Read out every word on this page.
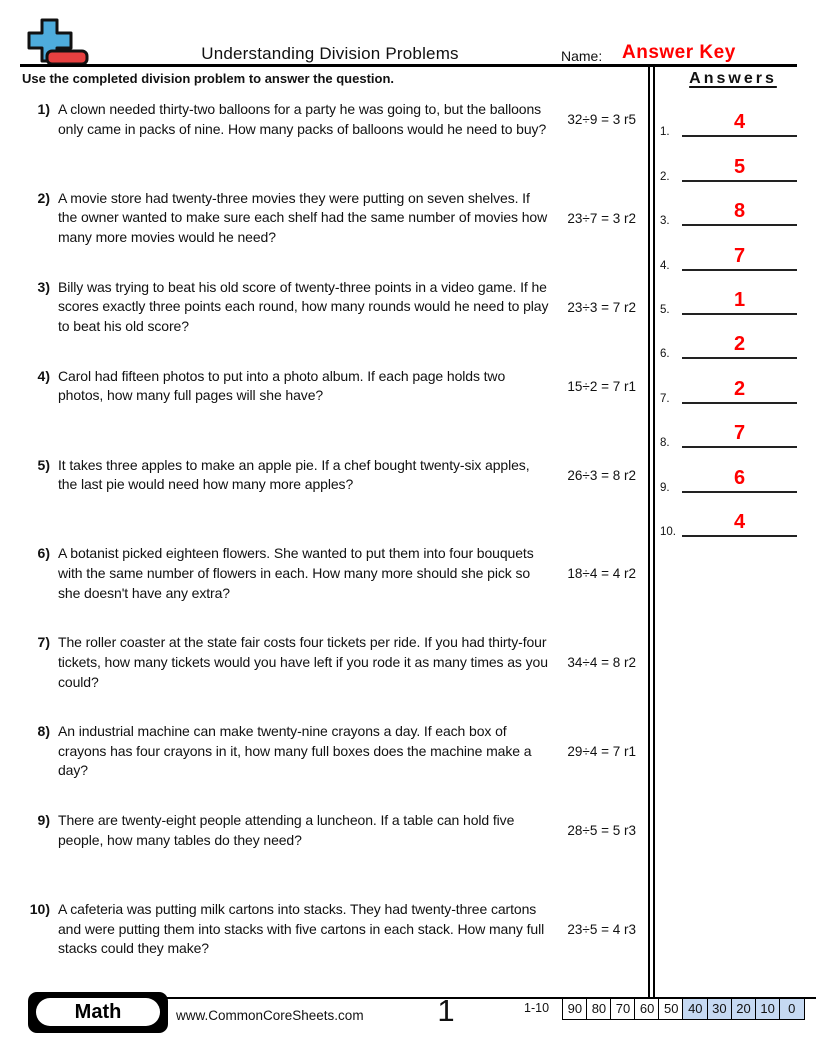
Understanding Division Problems	Name: Answer Key
Use the completed division problem to answer the question.
1) A clown needed thirty-two balloons for a party he was going to, but the balloons only came in packs of nine. How many packs of balloons would he need to buy?
32÷9 = 3 r5
2) A movie store had twenty-three movies they were putting on seven shelves. If the owner wanted to make sure each shelf had the same number of movies how many more movies would he need?
23÷7 = 3 r2
3) Billy was trying to beat his old score of twenty-three points in a video game. If he scores exactly three points each round, how many rounds would he need to play to beat his old score?
23÷3 = 7 r2
4) Carol had fifteen photos to put into a photo album. If each page holds two photos, how many full pages will she have?
15÷2 = 7 r1
5) It takes three apples to make an apple pie. If a chef bought twenty-six apples, the last pie would need how many more apples?
26÷3 = 8 r2
6) A botanist picked eighteen flowers. She wanted to put them into four bouquets with the same number of flowers in each. How many more should she pick so she doesn't have any extra?
18÷4 = 4 r2
7) The roller coaster at the state fair costs four tickets per ride. If you had thirty-four tickets, how many tickets would you have left if you rode it as many times as you could?
34÷4 = 8 r2
8) An industrial machine can make twenty-nine crayons a day. If each box of crayons has four crayons in it, how many full boxes does the machine make a day?
29÷4 = 7 r1
9) There are twenty-eight people attending a luncheon. If a table can hold five people, how many tables do they need?
28÷5 = 5 r3
10) A cafeteria was putting milk cartons into stacks. They had twenty-three cartons and were putting them into stacks with five cartons in each stack. How many full stacks could they make?
23÷5 = 4 r3
Answers
1.	4
2.	5
3.	8
4.	7
5.	1
6.	2
7.	2
8.	7
9.	6
10.	4
Math	www.CommonCoreSheets.com	1	1-10	90 80 70 60 50 40 30 20 10	0
